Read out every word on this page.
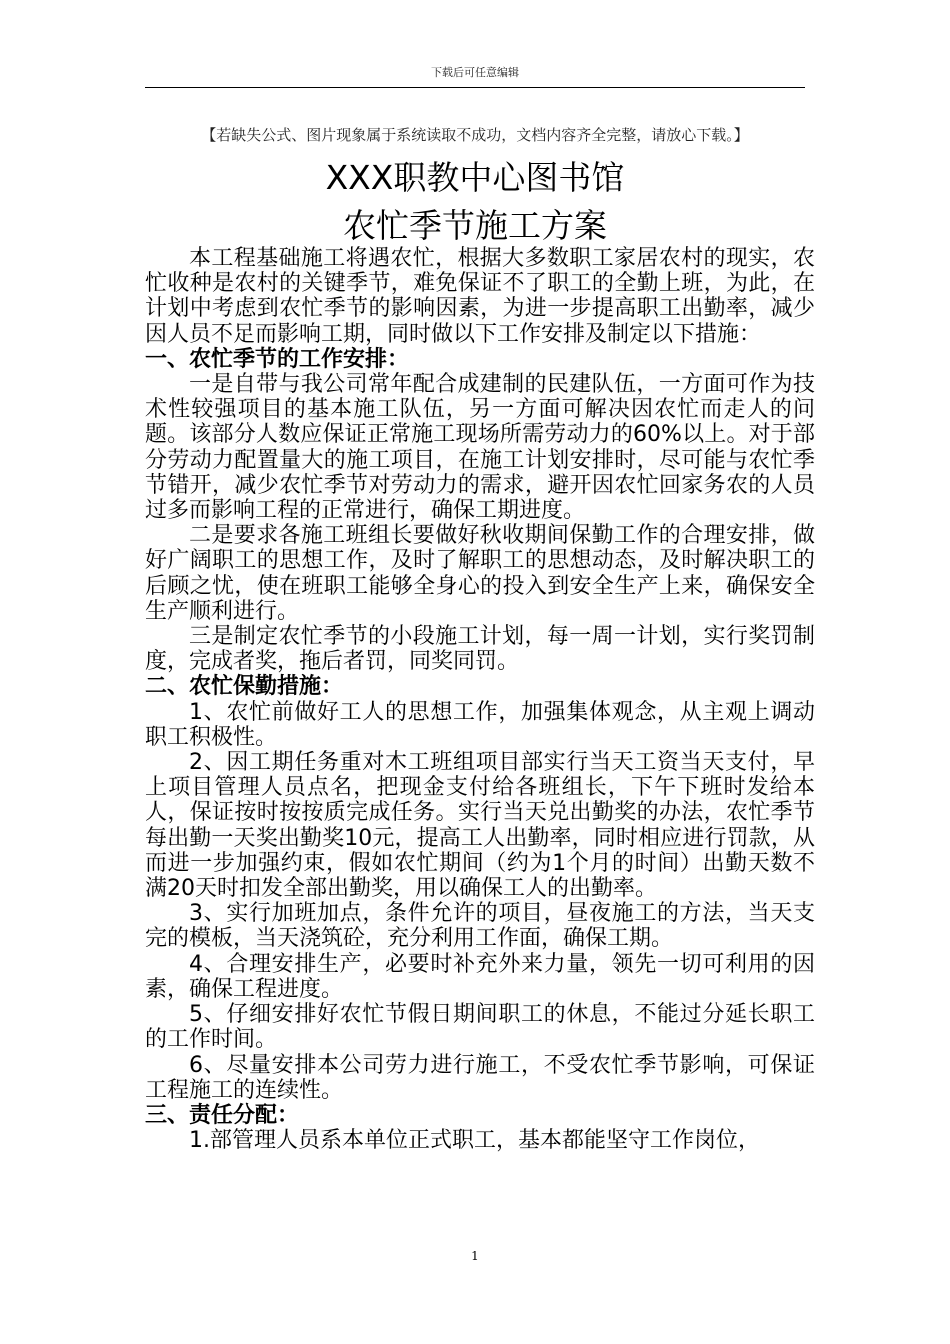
下载后可任意编辑
【若缺失公式、图片现象属于系统读取不成功，文档内容齐全完整，请放心下载。】
XXX职教中心图书馆
农忙季节施工方案

本工程基础施工将遇农忙，根据大多数职工家居农村的现实，农忙收种是农村的关键季节，难免保证不了职工的全勤上班，为此，在计划中考虑到农忙季节的影响因素，为进一步提高职工出勤率，减少因人员不足而影响工期，同时做以下工作安排及制定以下措施：

一、农忙季节的工作安排：

一是自带与我公司常年配合成建制的民建队伍，一方面可作为技术性较强项目的基本施工队伍，另一方面可解决因农忙而走人的问题。该部分人数应保证正常施工现场所需劳动力的60%以上。对于部分劳动力配置量大的施工项目，在施工计划安排时，尽可能与农忙季节错开，减少农忙季节对劳动力的需求，避开因农忙回家务农的人员过多而影响工程的正常进行，确保工期进度。

二是要求各施工班组长要做好秋收期间保勤工作的合理安排，做好广阔职工的思想工作，及时了解职工的思想动态，及时解决职工的后顾之忧，使在班职工能够全身心的投入到安全生产上来，确保安全生产顺利进行。

三是制定农忙季节的小段施工计划，每一周一计划，实行奖罚制度，完成者奖，拖后者罚，同奖同罚。

二、农忙保勤措施：

1、农忙前做好工人的思想工作，加强集体观念，从主观上调动职工积极性。

2、因工期任务重对木工班组项目部实行当天工资当天支付，早上项目管理人员点名，把现金支付给各班组长，下午下班时发给本人，保证按时按按质完成任务。实行当天兑出勤奖的办法，农忙季节每出勤一天奖出勤奖10元，提高工人出勤率，同时相应进行罚款，从而进一步加强约束，假如农忙期间（约为1个月的时间）出勤天数不满20天时扣发全部出勤奖，用以确保工人的出勤率。

3、实行加班加点，条件允许的项目，昼夜施工的方法，当天支完的模板，当天浇筑砼，充分利用工作面，确保工期。

4、合理安排生产，必要时补充外来力量，领先一切可利用的因素，确保工程进度。

5、仔细安排好农忙节假日期间职工的休息，不能过分延长职工的工作时间。

6、尽量安排本公司劳力进行施工，不受农忙季节影响，可保证工程施工的连续性。

三、责任分配：

1.部管理人员系本单位正式职工，基本都能坚守工作岗位，

1
